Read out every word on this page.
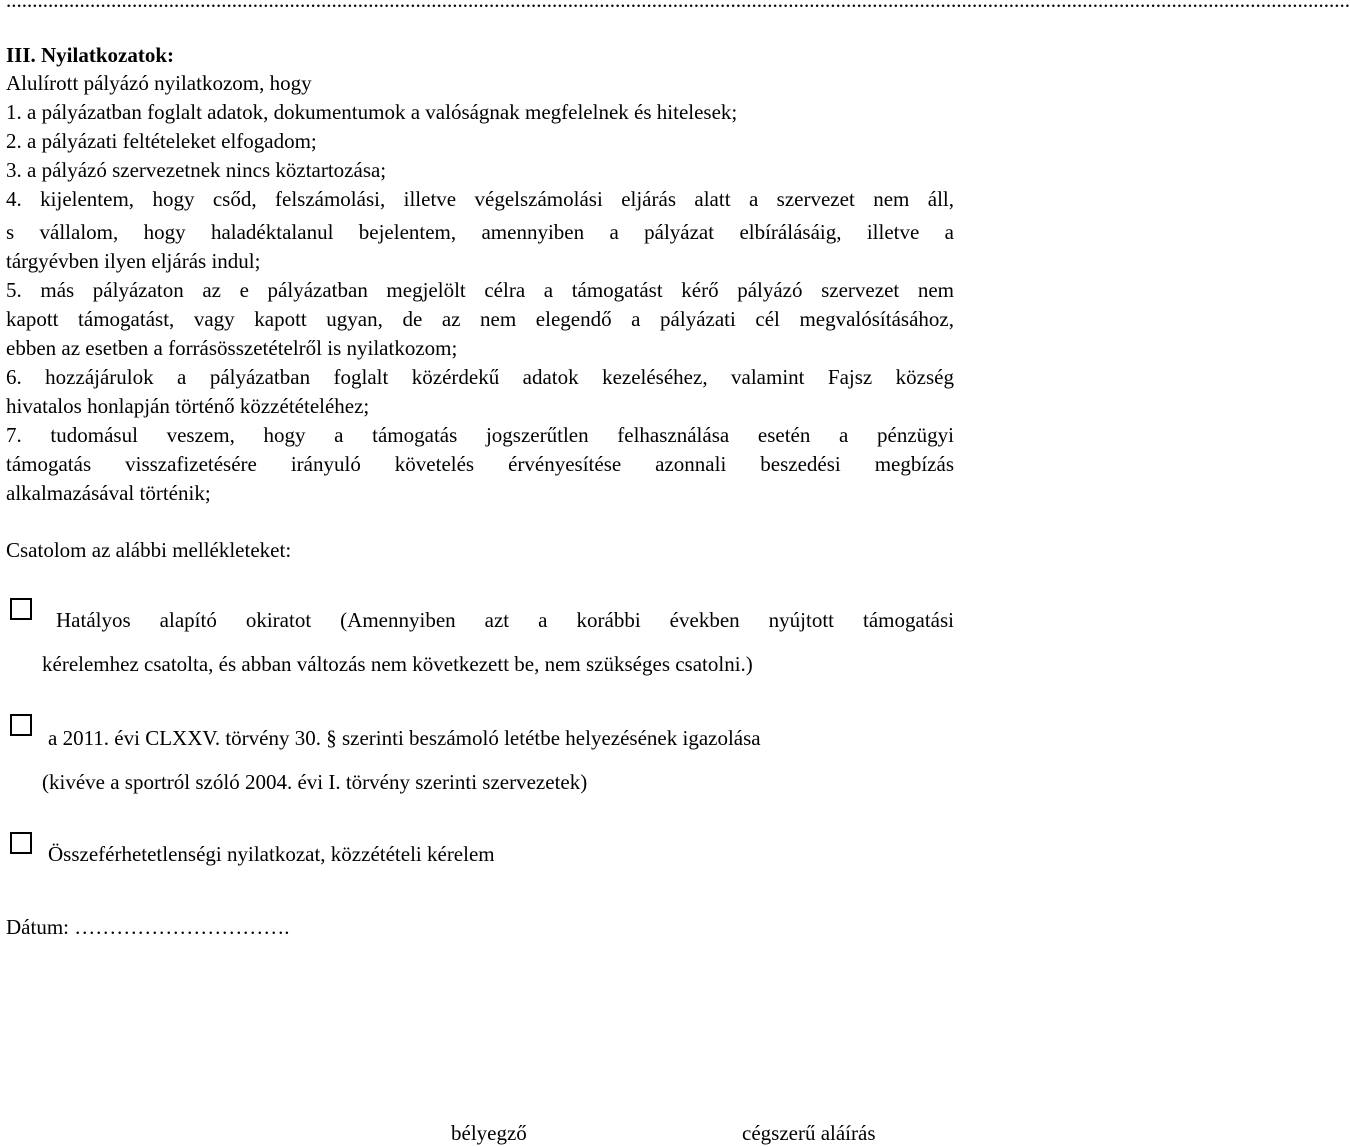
................................................................................................................................................................................................................................................................
III. Nyilatkozatok:
Alulírott pályázó nyilatkozom, hogy
1. a pályázatban foglalt adatok, dokumentumok a valóságnak megfelelnek és hitelesek;
2. a pályázati feltételeket elfogadom;
3. a pályázó szervezetnek nincs köztartozása;
4. kijelentem, hogy csőd, felszámolási, illetve végelszámolási eljárás alatt a szervezet nem áll,
s vállalom, hogy haladéktalanul bejelentem, amennyiben a pályázat elbírálásáig, illetve a
tárgyévben ilyen eljárás indul;
5. más pályázaton az e pályázatban megjelölt célra a támogatást kérő pályázó szervezet nem
kapott támogatást, vagy kapott ugyan, de az nem elegendő a pályázati cél megvalósításához,
ebben az esetben a forrásösszetételről is nyilatkozom;
6. hozzájárulok a pályázatban foglalt közérdekű adatok kezeléséhez, valamint Fajsz község
hivatalos honlapján történő közzétételéhez;
7. tudomásul veszem, hogy a támogatás jogszerűtlen felhasználása esetén a pénzügyi
támogatás visszafizetésére irányuló követelés érvényesítése azonnali beszedési megbízás
alkalmazásával történik;
Csatolom az alábbi mellékleteket:
Hatályos alapító okiratot (Amennyiben azt a korábbi években nyújtott támogatási
kérelemhez csatolta, és abban változás nem következett be, nem szükséges csatolni.)
a 2011. évi CLXXV. törvény 30. § szerinti beszámoló letétbe helyezésének igazolása
(kivéve a sportról szóló 2004. évi I. törvény szerinti szervezetek)
Összeférhetetlenségi nyilatkozat, közzétételi kérelem
Dátum: ………………………….
bélyegző	cégszerű aláírás
